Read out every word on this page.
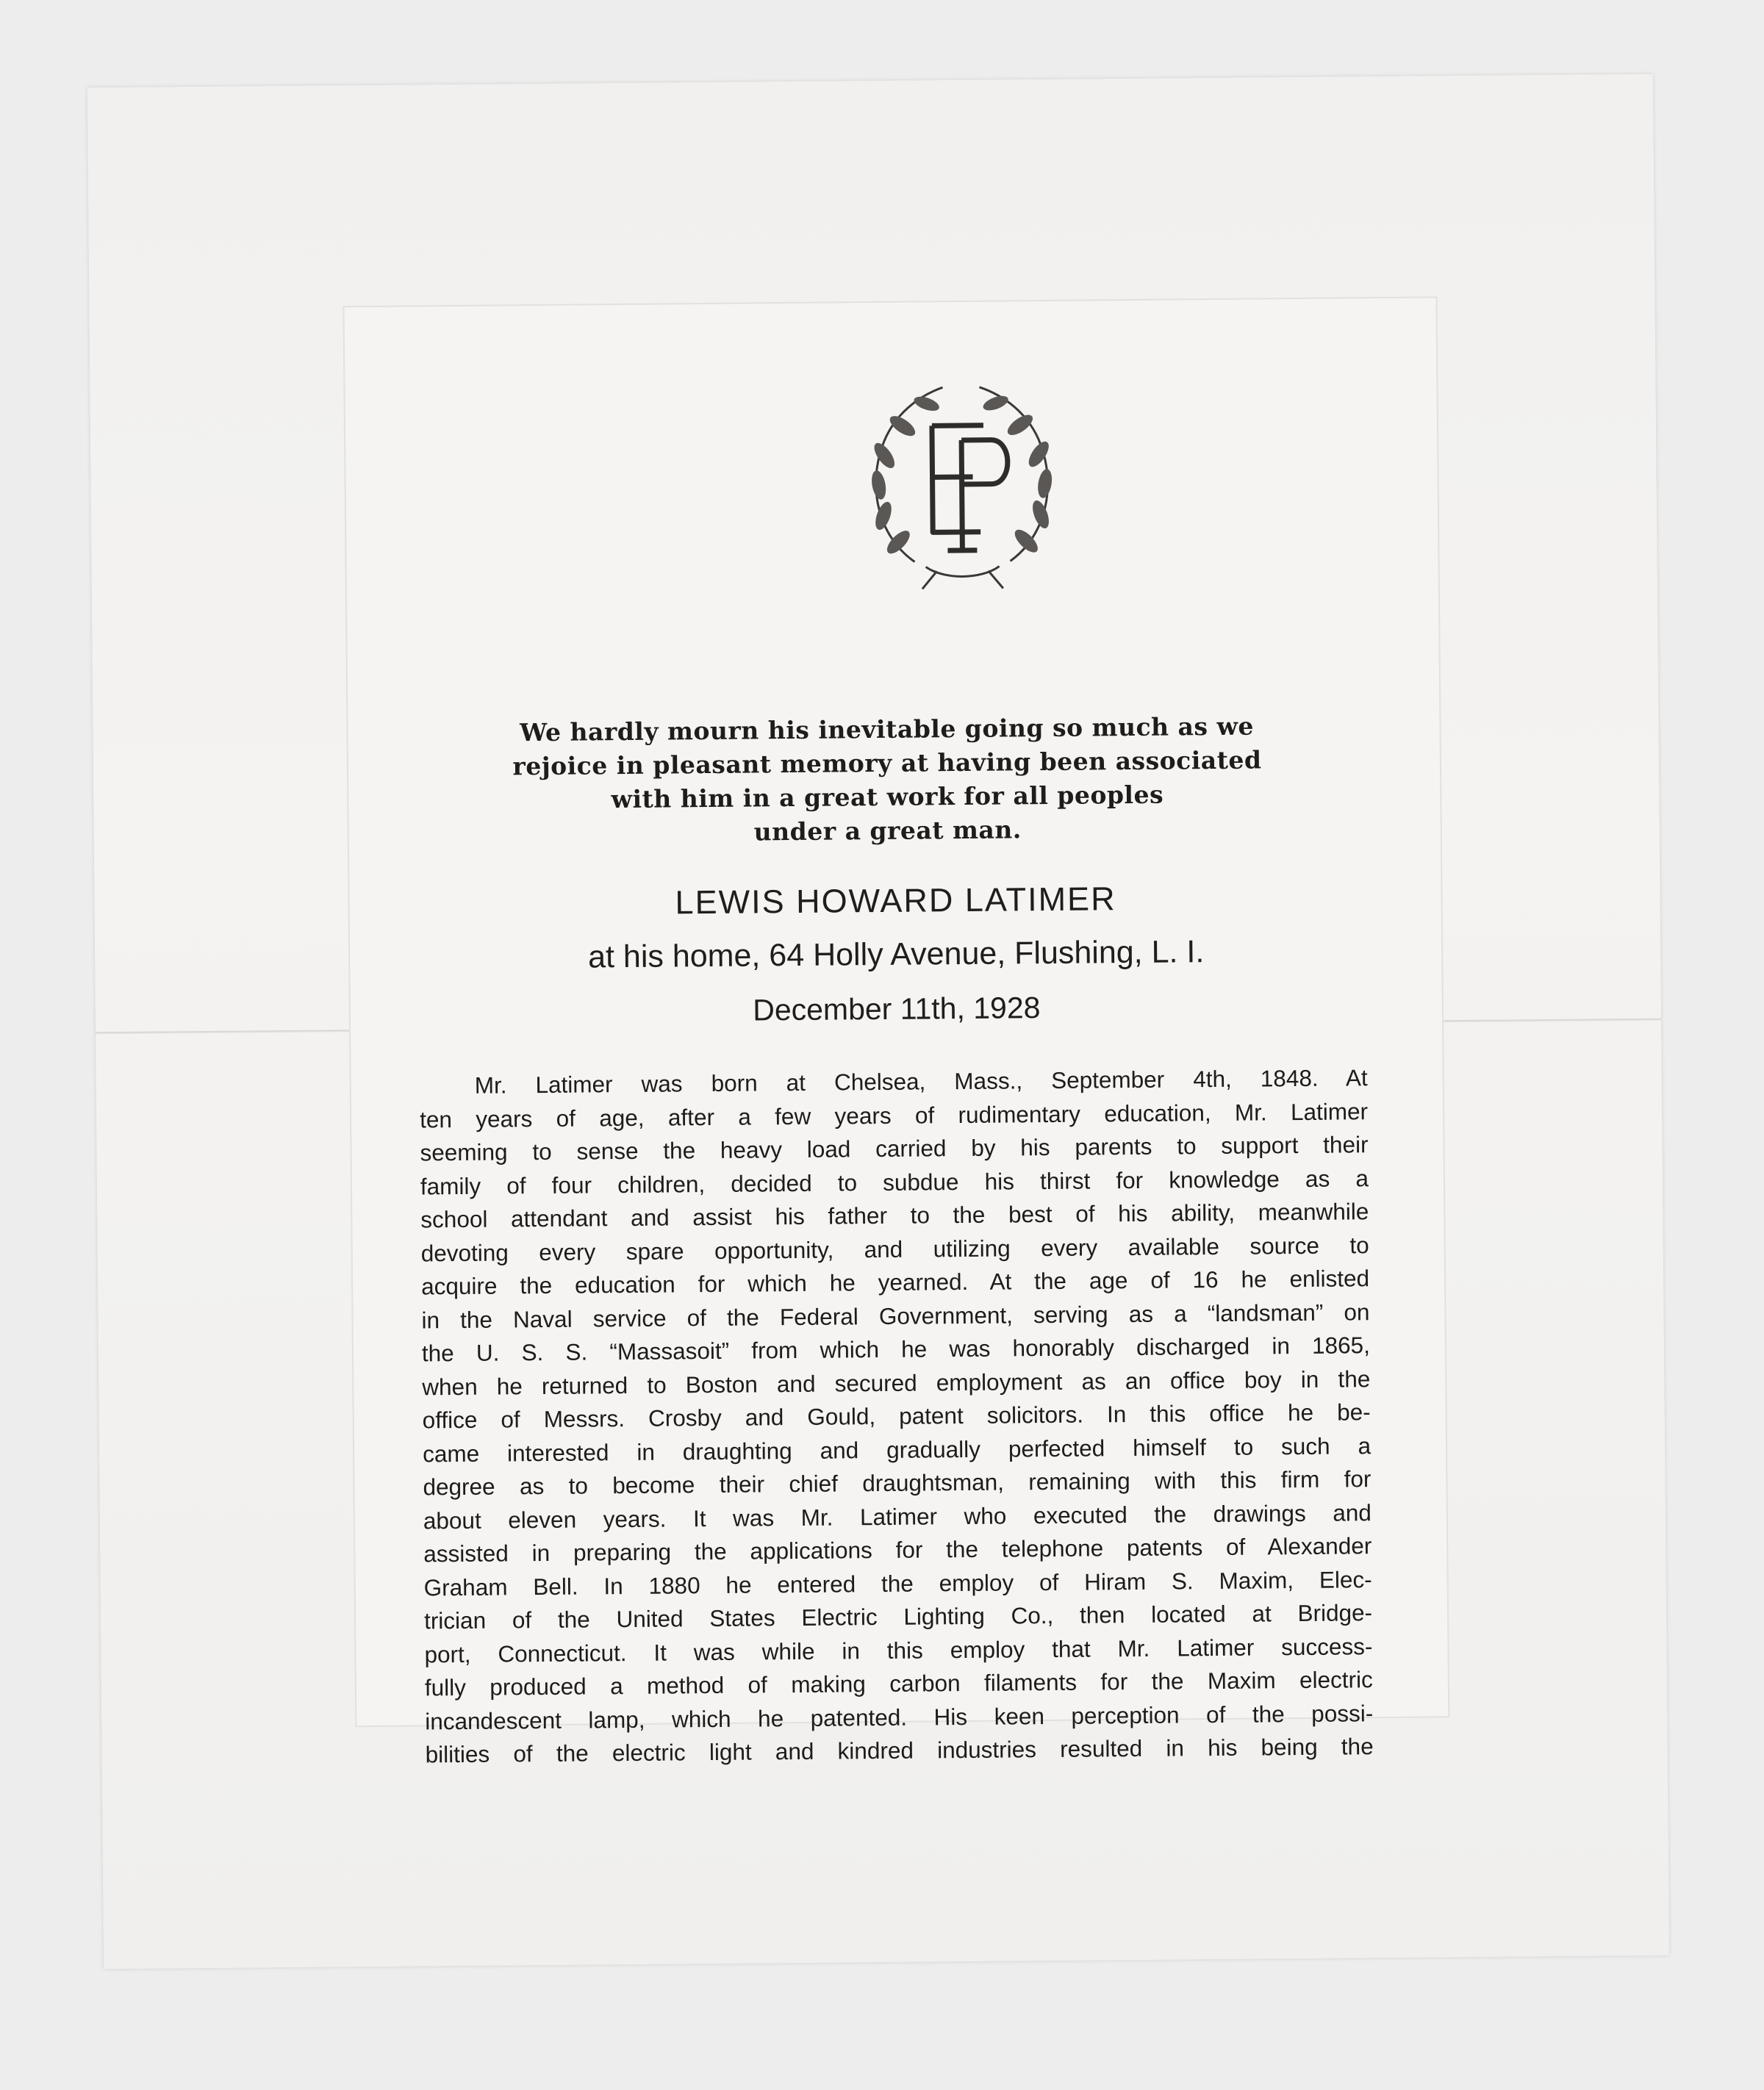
We hardly mourn his inevitable going so much as we
rejoice in pleasant memory at having been associated
with him in a great work for all peoples
under a great man.
LEWIS HOWARD LATIMER
at his home, 64 Holly Avenue, Flushing, L. I.
December 11th, 1928
Mr. Latimer was born at Chelsea, Mass., September 4th, 1848. At
ten years of age, after a few years of rudimentary education, Mr. Latimer
seeming to sense the heavy load carried by his parents to support their
family of four children, decided to subdue his thirst for knowledge as a
school attendant and assist his father to the best of his ability, meanwhile
devoting every spare opportunity, and utilizing every available source to
acquire the education for which he yearned. At the age of 16 he enlisted
in the Naval service of the Federal Government, serving as a “landsman” on
the U. S. S. “Massasoit” from which he was honorably discharged in 1865,
when he returned to Boston and secured employment as an office boy in the
office of Messrs. Crosby and Gould, patent solicitors. In this office he be-
came interested in draughting and gradually perfected himself to such a
degree as to become their chief draughtsman, remaining with this firm for
about eleven years. It was Mr. Latimer who executed the drawings and
assisted in preparing the applications for the telephone patents of Alexander
Graham Bell. In 1880 he entered the employ of Hiram S. Maxim, Elec-
trician of the United States Electric Lighting Co., then located at Bridge-
port, Connecticut. It was while in this employ that Mr. Latimer success-
fully produced a method of making carbon filaments for the Maxim electric
incandescent lamp, which he patented. His keen perception of the possi-
bilities of the electric light and kindred industries resulted in his being the
